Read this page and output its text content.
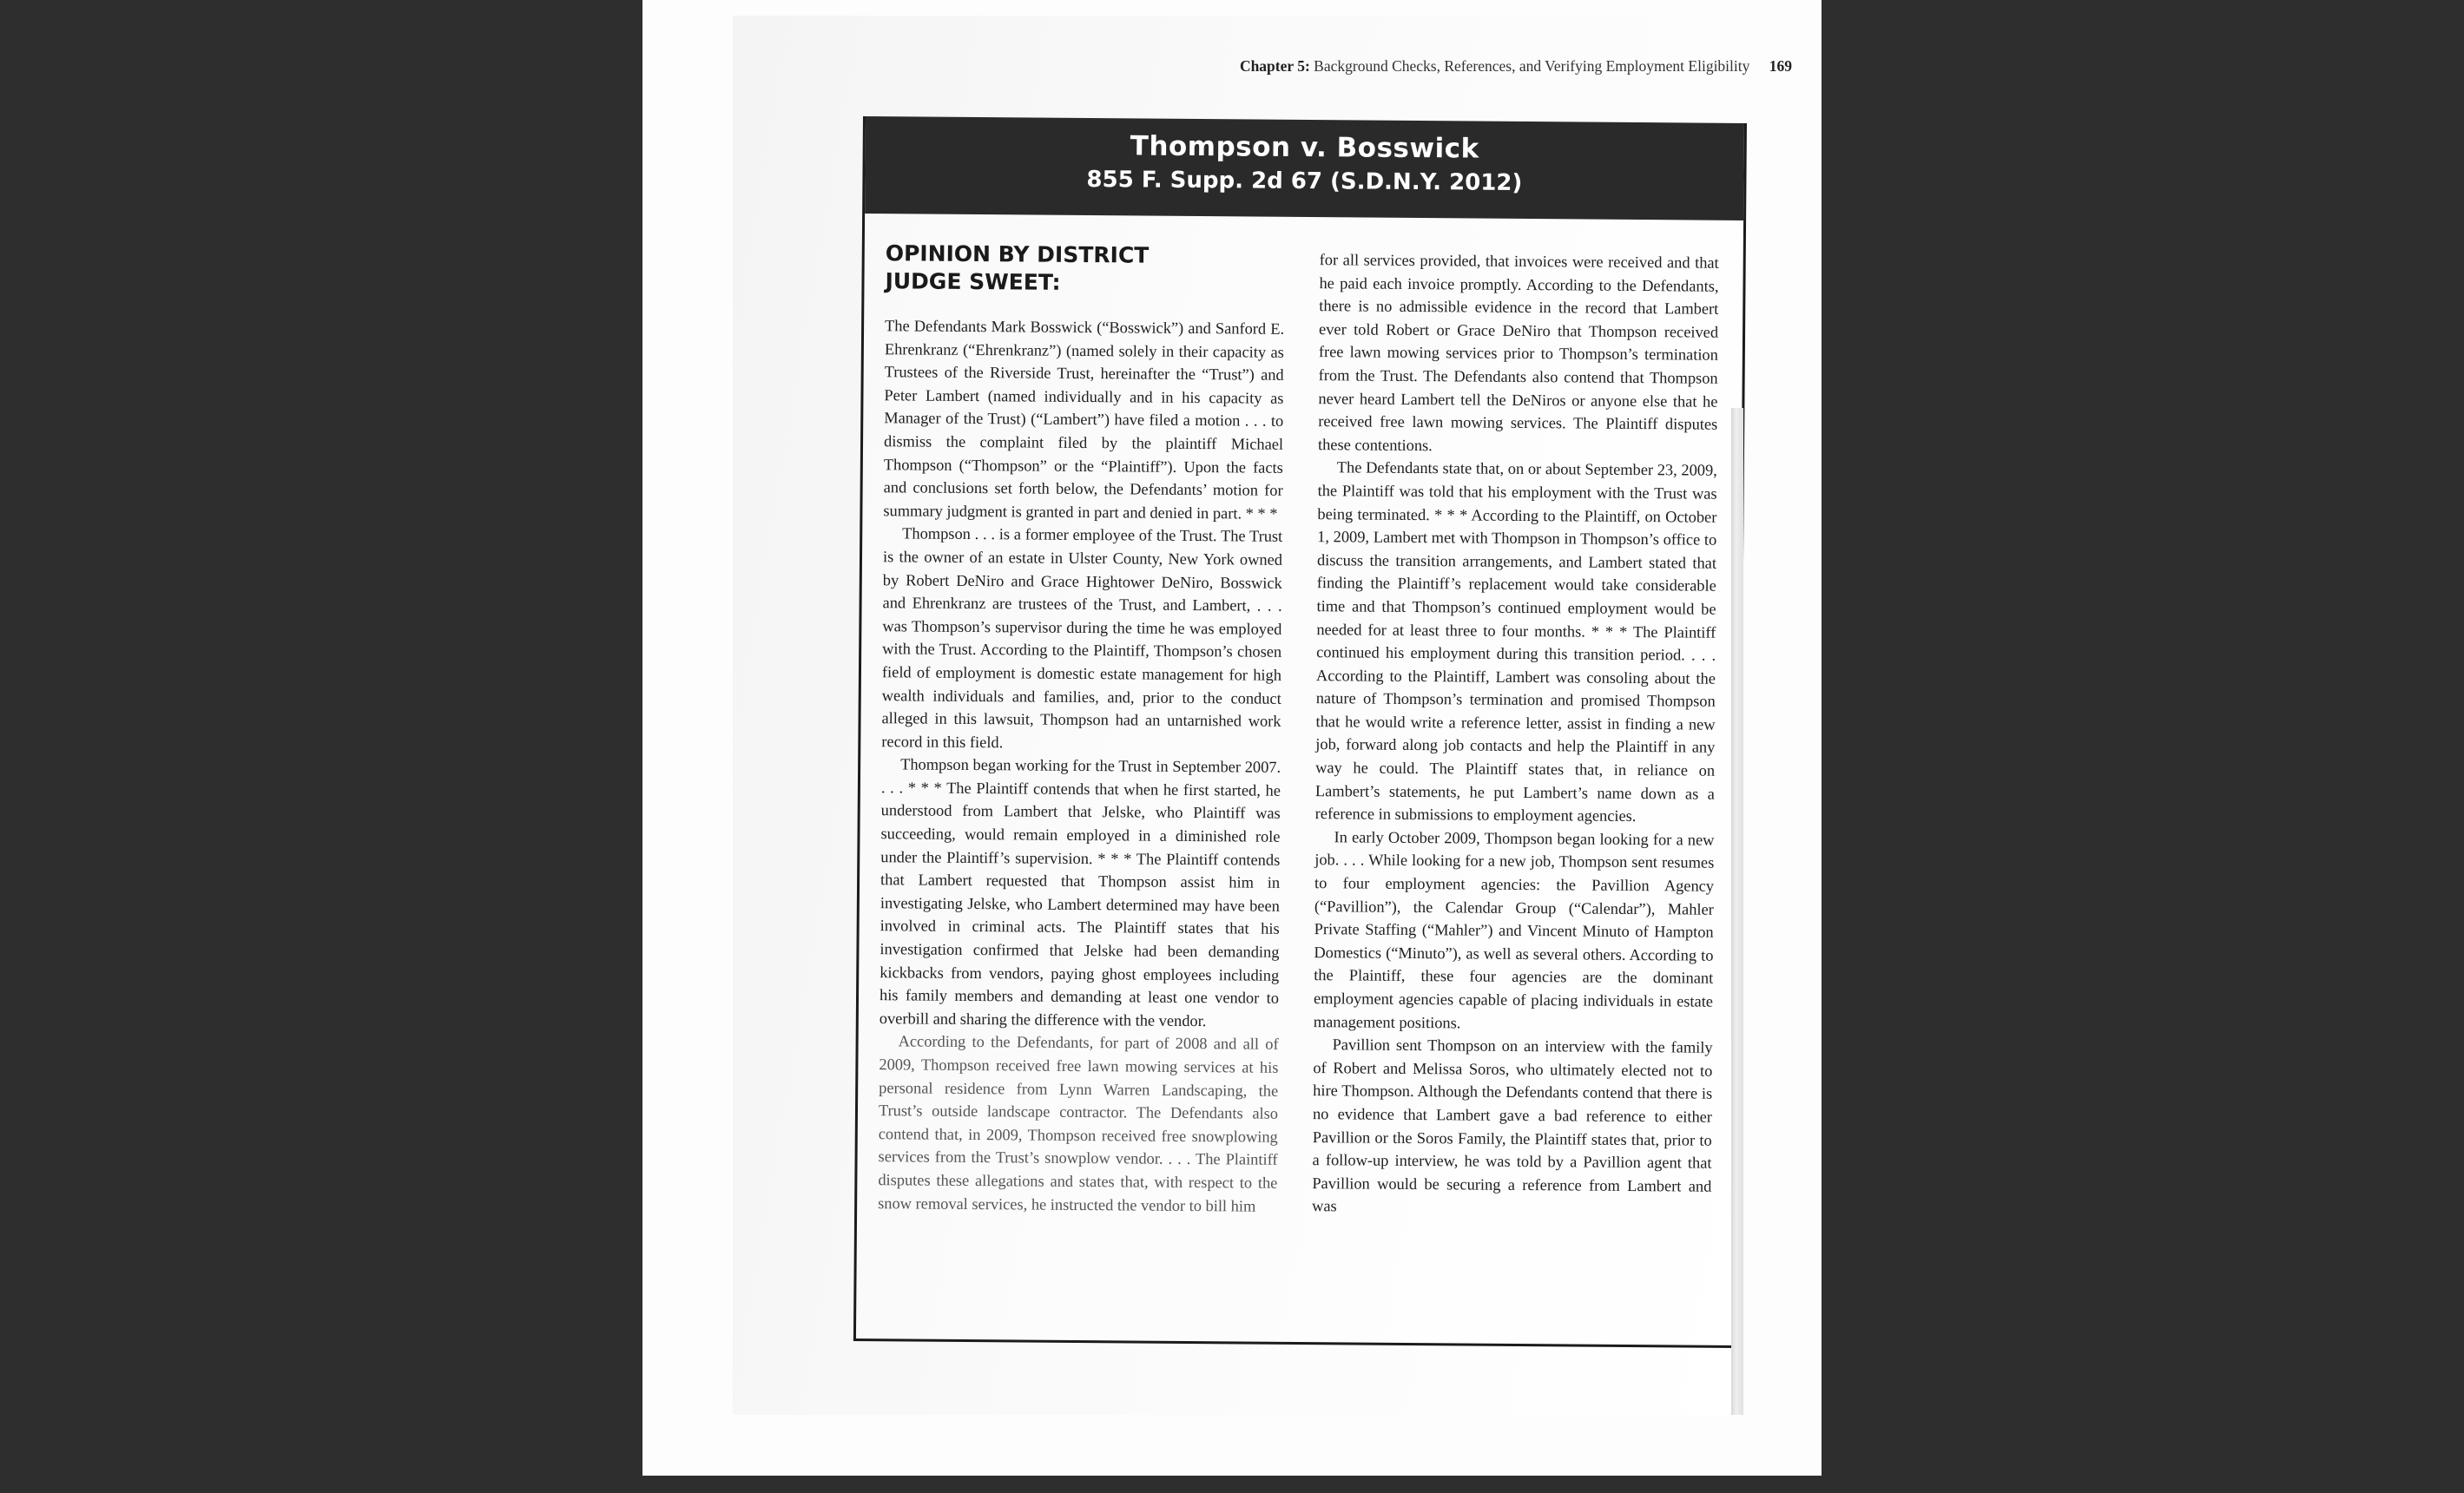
Chapter 5: Background Checks, References, and Verifying Employment Eligibility 169
Thompson v. Bosswick
855 F. Supp. 2d 67 (S.D.N.Y. 2012)
OPINION BY DISTRICT JUDGE SWEET:

The Defendants Mark Bosswick (“Bosswick”) and Sanford E. Ehrenkranz (“Ehrenkranz”) (named solely in their capacity as Trustees of the Riverside Trust, hereinafter the “Trust”) and Peter Lambert (named individually and in his capacity as Manager of the Trust) (“Lambert”) have filed a motion . . . to dismiss the complaint filed by the plaintiff Michael Thompson (“Thompson” or the “Plaintiff”). Upon the facts and conclusions set forth below, the Defendants’ motion for summary judgment is granted in part and denied in part. * * *

Thompson . . . is a former employee of the Trust. The Trust is the owner of an estate in Ulster County, New York owned by Robert DeNiro and Grace Hightower DeNiro, Bosswick and Ehrenkranz are trustees of the Trust, and Lambert, . . . was Thompson’s supervisor during the time he was employed with the Trust. According to the Plaintiff, Thompson’s chosen field of employment is domestic estate management for high wealth individuals and families, and, prior to the conduct alleged in this lawsuit, Thompson had an untarnished work record in this field.

Thompson began working for the Trust in September 2007. . . . * * * The Plaintiff contends that when he first started, he understood from Lambert that Jelske, who Plaintiff was succeeding, would remain employed in a diminished role under the Plaintiff’s supervision. * * * The Plaintiff contends that Lambert requested that Thompson assist him in investigating Jelske, who Lambert determined may have been involved in criminal acts. The Plaintiff states that his investigation confirmed that Jelske had been demanding kickbacks from vendors, paying ghost employees including his family members and demanding at least one vendor to overbill and sharing the difference with the vendor.

According to the Defendants, for part of 2008 and all of 2009, Thompson received free lawn mowing services at his personal residence from Lynn Warren Landscaping, the Trust’s outside landscape contractor. The Defendants also contend that, in 2009, Thompson received free snowplowing services from the Trust’s snowplow vendor. . . . The Plaintiff disputes these allegations and states that, with respect to the snow removal services, he instructed the vendor to bill him

for all services provided, that invoices were received and that he paid each invoice promptly. According to the Defendants, there is no admissible evidence in the record that Lambert ever told Robert or Grace DeNiro that Thompson received free lawn mowing services prior to Thompson’s termination from the Trust. The Defendants also contend that Thompson never heard Lambert tell the DeNiros or anyone else that he received free lawn mowing services. The Plaintiff disputes these contentions.

The Defendants state that, on or about September 23, 2009, the Plaintiff was told that his employment with the Trust was being terminated. * * * According to the Plaintiff, on October 1, 2009, Lambert met with Thompson in Thompson’s office to discuss the transition arrangements, and Lambert stated that finding the Plaintiff’s replacement would take considerable time and that Thompson’s continued employment would be needed for at least three to four months. * * * The Plaintiff continued his employment during this transition period. . . . According to the Plaintiff, Lambert was consoling about the nature of Thompson’s termination and promised Thompson that he would write a reference letter, assist in finding a new job, forward along job contacts and help the Plaintiff in any way he could. The Plaintiff states that, in reliance on Lambert’s statements, he put Lambert’s name down as a reference in submissions to employment agencies.

In early October 2009, Thompson began looking for a new job. . . . While looking for a new job, Thompson sent resumes to four employment agencies: the Pavillion Agency (“Pavillion”), the Calendar Group (“Calendar”), Mahler Private Staffing (“Mahler”) and Vincent Minuto of Hampton Domestics (“Minuto”), as well as several others. According to the Plaintiff, these four agencies are the dominant employment agencies capable of placing individuals in estate management positions.

Pavillion sent Thompson on an interview with the family of Robert and Melissa Soros, who ultimately elected not to hire Thompson. Although the Defendants contend that there is no evidence that Lambert gave a bad reference to either Pavillion or the Soros Family, the Plaintiff states that, prior to a follow-up interview, he was told by a Pavillion agent that Pavillion would be securing a reference from Lambert and was
